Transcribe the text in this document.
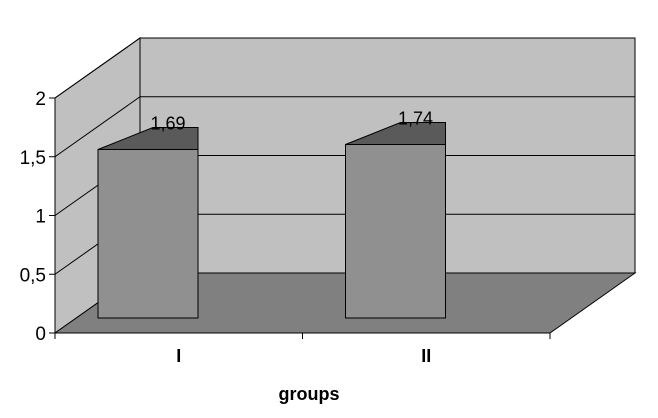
0
0,5
1
1,5
2
I	II
1,69	1,74
groups
